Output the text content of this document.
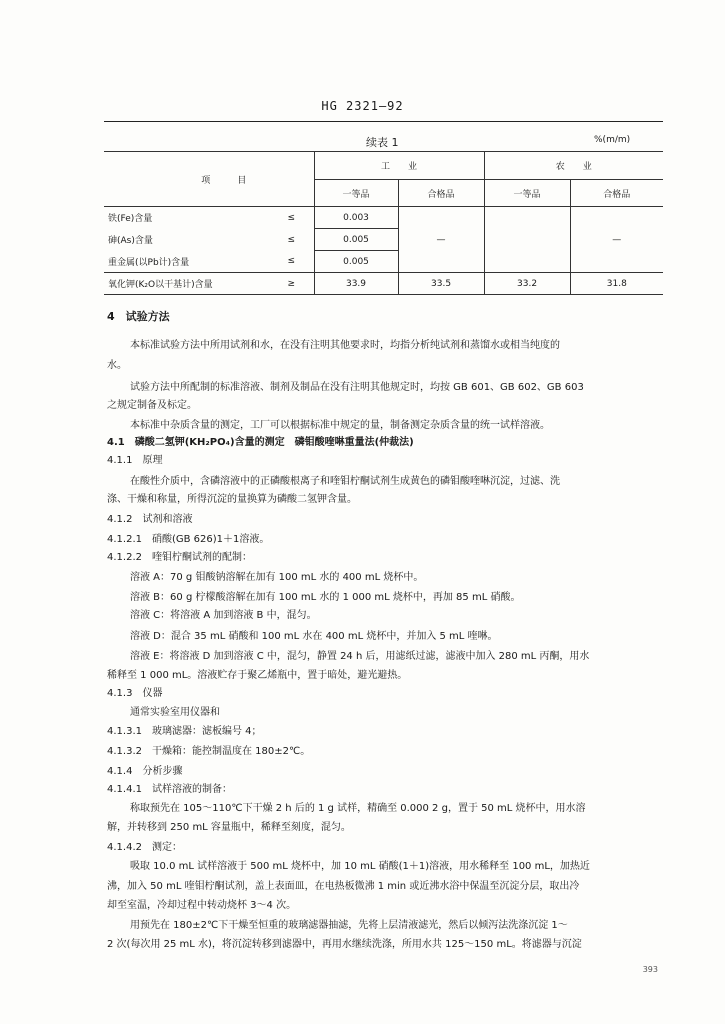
HG 2321—92
续表 1	%(m/m)
项　　　目		工　　业		农　　业	
		一等品	合格品	一等品	合格品
铁(Fe)含量	≤	0.003	—		—
砷(As)含量	≤	0.005			
重金属(以Pb计)含量	≤	0.005			
氧化钾(K₂O以干基计)含量	≥	33.9	33.5	33.2	31.8
4　试验方法
本标准试验方法中所用试剂和水，在没有注明其他要求时，均指分析纯试剂和蒸馏水或相当纯度的
水。
试验方法中所配制的标准溶液、制剂及制品在没有注明其他规定时，均按 GB 601、GB 602、GB 603
之规定制备及标定。
本标准中杂质含量的测定，工厂可以根据标准中规定的量，制备测定杂质含量的统一试样溶液。
4.1　磷酸二氢钾(KH₂PO₄)含量的测定　磷钼酸喹啉重量法(仲裁法)
4.1.1　原理
在酸性介质中，含磷溶液中的正磷酸根离子和喹钼柠酮试剂生成黄色的磷钼酸喹啉沉淀，过滤、洗
涤、干燥和称量，所得沉淀的量换算为磷酸二氢钾含量。
4.1.2　试剂和溶液
4.1.2.1　硝酸(GB 626)1＋1溶液。
4.1.2.2　喹钼柠酮试剂的配制：
溶液 A：70 g 钼酸钠溶解在加有 100 mL 水的 400 mL 烧杯中。
溶液 B：60 g 柠檬酸溶解在加有 100 mL 水的 1 000 mL 烧杯中，再加 85 mL 硝酸。
溶液 C：将溶液 A 加到溶液 B 中，混匀。
溶液 D：混合 35 mL 硝酸和 100 mL 水在 400 mL 烧杯中，并加入 5 mL 喹啉。
溶液 E：将溶液 D 加到溶液 C 中，混匀，静置 24 h 后，用滤纸过滤，滤液中加入 280 mL 丙酮，用水
稀释至 1 000 mL。溶液贮存于聚乙烯瓶中，置于暗处，避光避热。
4.1.3　仪器
通常实验室用仪器和
4.1.3.1　玻璃滤器：滤板编号 4；
4.1.3.2　干燥箱：能控制温度在 180±2℃。
4.1.4　分析步骤
4.1.4.1　试样溶液的制备：
称取预先在 105～110℃下干燥 2 h 后的 1 g 试样，精确至 0.000 2 g，置于 50 mL 烧杯中，用水溶
解，并转移到 250 mL 容量瓶中，稀释至刻度，混匀。
4.1.4.2　测定：
吸取 10.0 mL 试样溶液于 500 mL 烧杯中，加 10 mL 硝酸(1＋1)溶液，用水稀释至 100 mL，加热近
沸，加入 50 mL 喹钼柠酮试剂，盖上表面皿，在电热板微沸 1 min 或近沸水浴中保温至沉淀分层，取出冷
却至室温，冷却过程中转动烧杯 3～4 次。
用预先在 180±2℃下干燥至恒重的玻璃滤器抽滤，先将上层清液滤光，然后以倾泻法洗涤沉淀 1～
2 次(每次用 25 mL 水)，将沉淀转移到滤器中，再用水继续洗涤，所用水共 125～150 mL。将滤器与沉淀
393
